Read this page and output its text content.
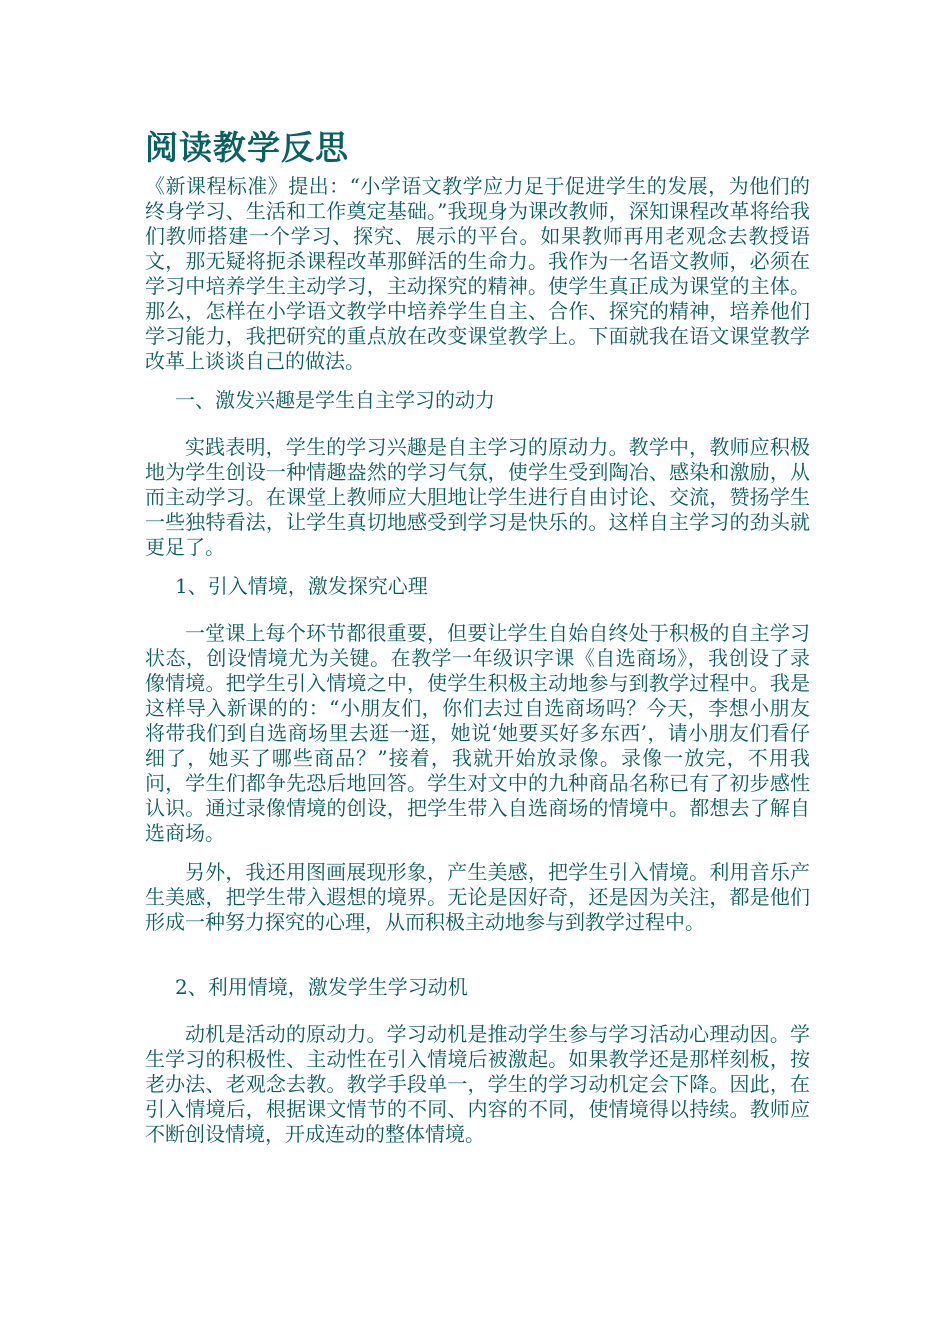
阅读教学反思

《新课程标准》提出：“小学语文教学应力足于促进学生的发展，为他们的终身学习、生活和工作奠定基础。”我现身为课改教师，深知课程改革将给我们教师搭建一个学习、探究、展示的平台。如果教师再用老观念去教授语文，那无疑将扼杀课程改革那鲜活的生命力。我作为一名语文教师，必须在学习中培养学生主动学习，主动探究的精神。使学生真正成为课堂的主体。那么，怎样在小学语文教学中培养学生自主、合作、探究的精神，培养他们学习能力，我把研究的重点放在改变课堂教学上。下面就我在语文课堂教学改革上谈谈自己的做法。

一、激发兴趣是学生自主学习的动力

实践表明，学生的学习兴趣是自主学习的原动力。教学中，教师应积极地为学生创设一种情趣盎然的学习气氛，使学生受到陶冶、感染和激励，从而主动学习。在课堂上教师应大胆地让学生进行自由讨论、交流，赞扬学生一些独特看法，让学生真切地感受到学习是快乐的。这样自主学习的劲头就更足了。

1、引入情境，激发探究心理

一堂课上每个环节都很重要，但要让学生自始自终处于积极的自主学习状态，创设情境尤为关键。在教学一年级识字课《自选商场》，我创设了录像情境。把学生引入情境之中，使学生积极主动地参与到教学过程中。我是这样导入新课的的：“小朋友们，你们去过自选商场吗？今天，李想小朋友将带我们到自选商场里去逛一逛，她说‘她要买好多东西’，请小朋友们看仔细了，她买了哪些商品？”接着，我就开始放录像。录像一放完，不用我问，学生们都争先恐后地回答。学生对文中的九种商品名称已有了初步感性认识。通过录像情境的创设，把学生带入自选商场的情境中。都想去了解自选商场。

另外，我还用图画展现形象，产生美感，把学生引入情境。利用音乐产生美感，把学生带入遐想的境界。无论是因好奇，还是因为关注，都是他们形成一种努力探究的心理，从而积极主动地参与到教学过程中。

2、利用情境，激发学生学习动机

动机是活动的原动力。学习动机是推动学生参与学习活动心理动因。学生学习的积极性、主动性在引入情境后被激起。如果教学还是那样刻板，按老办法、老观念去教。教学手段单一，学生的学习动机定会下降。因此，在引入情境后，根据课文情节的不同、内容的不同，使情境得以持续。教师应不断创设情境，开成连动的整体情境。
